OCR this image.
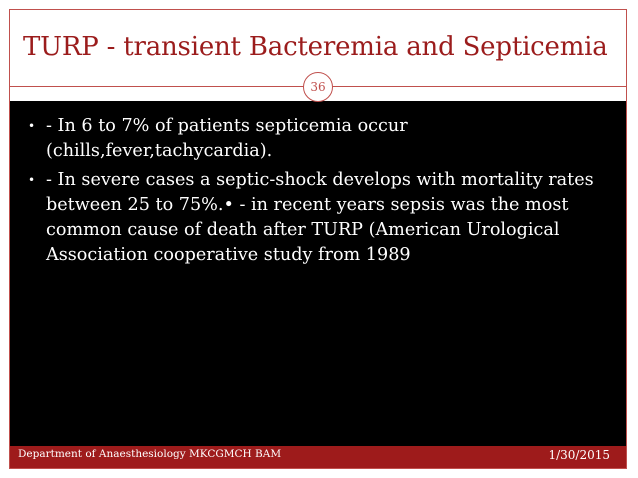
TURP - transient Bacteremia and Septicemia
36
• - In 6 to 7% of patients septicemia occur (chills,fever,tachycardia).
• - In severe cases a septic-shock develops with mortality rates between 25 to 75%.• - in recent years sepsis was the most common cause of death after TURP (American Urological Association cooperative study from 1989
Department of Anaesthesiology MKCGMCH BAM	1/30/2015
